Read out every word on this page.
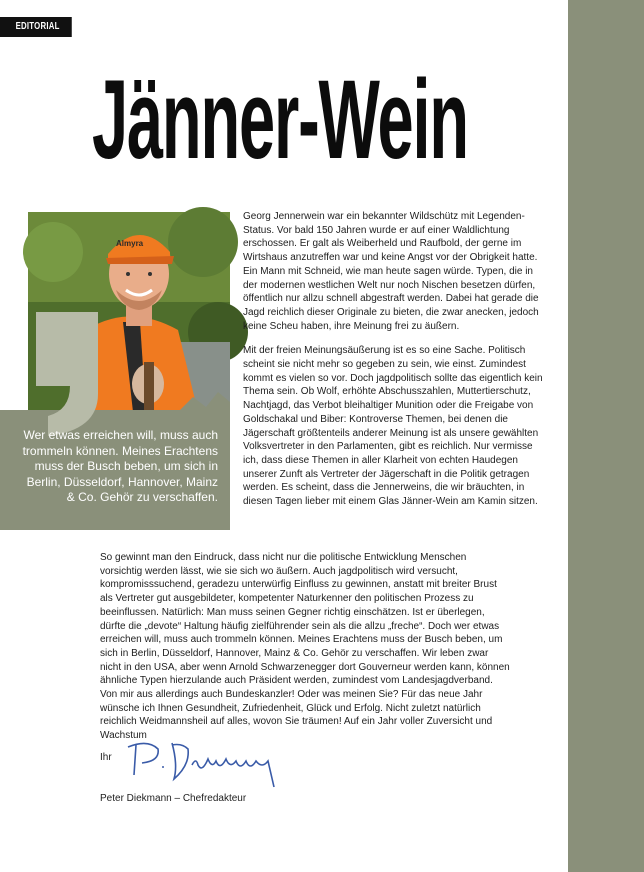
EDITORIAL
Jänner-Wein
Almyra
Wer etwas erreichen will, muss auch trommeln können. Meines Erachtens muss der Busch beben, um sich in Berlin, Düsseldorf, Hannover, Mainz & Co. Gehör zu verschaffen.

Georg Jennerwein war ein bekannter Wildschütz mit Legenden-Status. Vor bald 150 Jahren wurde er auf einer Waldlichtung erschossen. Er galt als Weiberheld und Raufbold, der gerne im Wirtshaus anzutreffen war und keine Angst vor der Obrigkeit hatte. Ein Mann mit Schneid, wie man heute sagen würde. Typen, die in der modernen westlichen Welt nur noch Nischen besetzen dürfen, öffentlich nur allzu schnell abgestraft werden. Dabei hat gerade die Jagd reichlich dieser Originale zu bieten, die zwar anecken, jedoch keine Scheu haben, ihre Meinung frei zu äußern.

Mit der freien Meinungsäußerung ist es so eine Sache. Politisch scheint sie nicht mehr so gegeben zu sein, wie einst. Zumindest kommt es vielen so vor. Doch jagdpolitisch sollte das eigentlich kein Thema sein. Ob Wolf, erhöhte Abschusszahlen, Muttertierschutz, Nachtjagd, das Verbot bleihaltiger Munition oder die Freigabe von Goldschakal und Biber: Kontroverse Themen, bei denen die Jägerschaft größtenteils anderer Meinung ist als unsere gewählten Volksvertreter in den Parlamenten, gibt es reichlich. Nur vermisse ich, dass diese Themen in aller Klarheit von echten Haudegen unserer Zunft als Vertreter der Jägerschaft in die Politik getragen werden. Es scheint, dass die Jennerweins, die wir bräuchten, in diesen Tagen lieber mit einem Glas Jänner-Wein am Kamin sitzen.

So gewinnt man den Eindruck, dass nicht nur die politische Entwicklung Menschen vorsichtig werden lässt, wie sie sich wo äußern. Auch jagdpolitisch wird versucht, kompromisssuchend, geradezu unterwürfig Einfluss zu gewinnen, anstatt mit breiter Brust als Vertreter gut ausgebildeter, kompetenter Naturkenner den politischen Prozess zu beeinflussen. Natürlich: Man muss seinen Gegner richtig einschätzen. Ist er überlegen, dürfte die „devote“ Haltung häufig zielführender sein als die allzu „freche“. Doch wer etwas erreichen will, muss auch trommeln können. Meines Erachtens muss der Busch beben, um sich in Berlin, Düsseldorf, Hannover, Mainz & Co. Gehör zu verschaffen. Wir leben zwar nicht in den USA, aber wenn Arnold Schwarzenegger dort Gouverneur werden kann, können ähnliche Typen hierzulande auch Präsident werden, zumindest vom Landesjagdverband. Von mir aus allerdings auch Bundeskanzler! Oder was meinen Sie? Für das neue Jahr wünsche ich Ihnen Gesundheit, Zufriedenheit, Glück und Erfolg. Nicht zuletzt natürlich reichlich Weidmannsheil auf alles, wovon Sie träumen! Auf ein Jahr voller Zuversicht und Wachstum

Ihr
Peter Diekmann – Chefredakteur
